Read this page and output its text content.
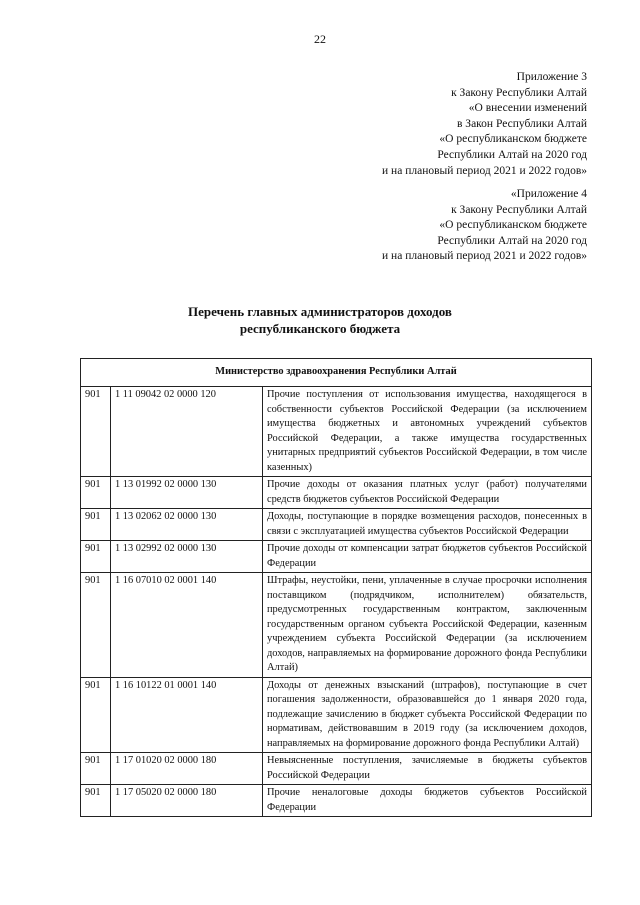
22
Приложение 3
к Закону Республики Алтай
«О внесении изменений
в Закон Республики Алтай
«О республиканском бюджете
Республики Алтай на 2020 год
и на плановый период 2021 и 2022 годов»
«Приложение 4
к Закону Республики Алтай
«О республиканском бюджете
Республики Алтай на 2020 год
и на плановый период 2021 и 2022 годов»
Перечень главных администраторов доходов
республиканского бюджета
Министерство здравоохранения Республики Алтай		
901	1 11 09042 02 0000 120	Прочие поступления от использования имущества, находящегося в собственности субъектов Российской Федерации (за исключением имущества бюджетных и автономных учреждений субъектов Российской Федерации, а также имущества государственных унитарных предприятий субъектов Российской Федерации, в том числе казенных)
901	1 13 01992 02 0000 130	Прочие доходы от оказания платных услуг (работ) получателями средств бюджетов субъектов Российской Федерации
901	1 13 02062 02 0000 130	Доходы, поступающие в порядке возмещения расходов, понесенных в связи с эксплуатацией имущества субъектов Российской Федерации
901	1 13 02992 02 0000 130	Прочие доходы от компенсации затрат бюджетов субъектов Российской Федерации
901	1 16 07010 02 0001 140	Штрафы, неустойки, пени, уплаченные в случае просрочки исполнения поставщиком (подрядчиком, исполнителем) обязательств, предусмотренных государственным контрактом, заключенным государственным органом субъекта Российской Федерации, казенным учреждением субъекта Российской Федерации (за исключением доходов, направляемых на формирование дорожного фонда Республики Алтай)
901	1 16 10122 01 0001 140	Доходы от денежных взысканий (штрафов), поступающие в счет погашения задолженности, образовавшейся до 1 января 2020 года, подлежащие зачислению в бюджет субъекта Российской Федерации по нормативам, действовавшим в 2019 году (за исключением доходов, направляемых на формирование дорожного фонда Республики Алтай)
901	1 17 01020 02 0000 180	Невыясненные поступления, зачисляемые в бюджеты субъектов Российской Федерации
901	1 17 05020 02 0000 180	Прочие неналоговые доходы бюджетов субъектов Российской Федерации
